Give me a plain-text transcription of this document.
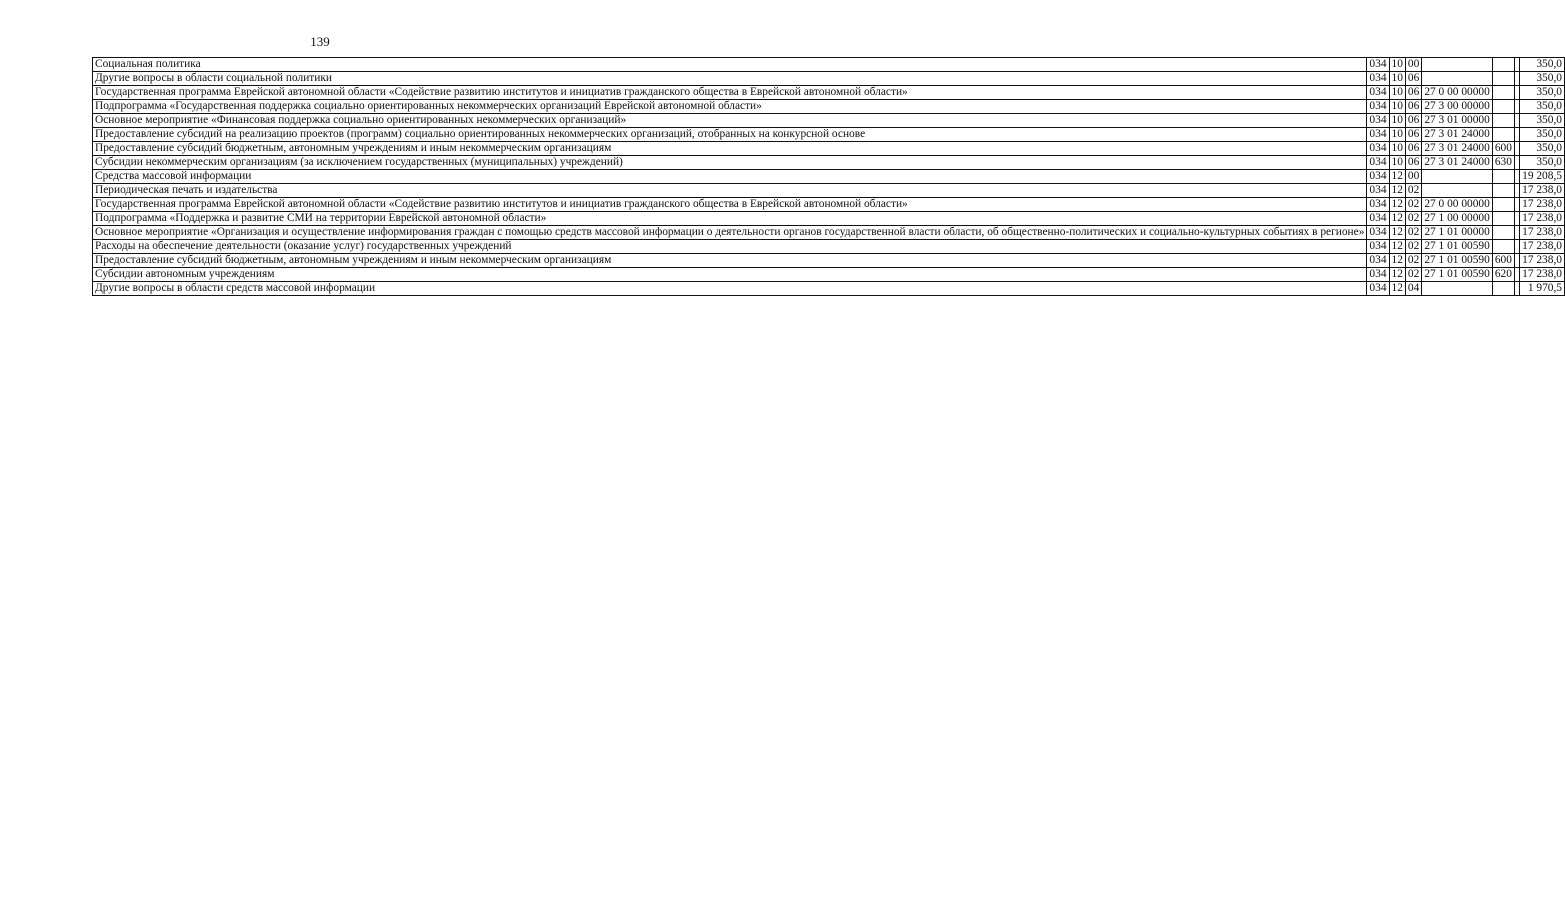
139
Социальная политика	034	10	00				350,0
Другие вопросы в области социальной политики	034	10	06				350,0
Государственная программа Еврейской автономной области «Содействие развитию институтов и инициатив гражданского общества в Еврейской автономной области»	034	10	06	27 0 00 00000			350,0
Подпрограмма «Государственная поддержка социально ориентированных некоммерческих организаций Еврейской автономной области»	034	10	06	27 3 00 00000			350,0
Основное мероприятие «Финансовая поддержка социально ориентированных некоммерческих организаций»	034	10	06	27 3 01 00000			350,0
Предоставление субсидий на реализацию проектов (программ) социально ориентированных некоммерческих организаций, отобранных на конкурсной основе	034	10	06	27 3 01 24000			350,0
Предоставление субсидий бюджетным, автономным учреждениям и иным некоммерческим организациям	034	10	06	27 3 01 24000	600		350,0
Субсидии некоммерческим организациям (за исключением государственных (муниципальных) учреждений)	034	10	06	27 3 01 24000	630		350,0
Средства массовой информации	034	12	00				19 208,5
Периодическая печать и издательства	034	12	02				17 238,0
Государственная программа Еврейской автономной области «Содействие развитию институтов и инициатив гражданского общества в Еврейской автономной области»	034	12	02	27 0 00 00000			17 238,0
Подпрограмма «Поддержка и развитие СМИ на территории Еврейской автономной области»	034	12	02	27 1 00 00000			17 238,0
Основное мероприятие «Организация и осуществление информирования граждан с помощью средств массовой информации о деятельности органов государственной власти области, об общественно-политических и социально-культурных событиях в регионе»	034	12	02	27 1 01 00000			17 238,0
Расходы на обеспечение деятельности (оказание услуг) государственных учреждений	034	12	02	27 1 01 00590			17 238,0
Предоставление субсидий бюджетным, автономным учреждениям и иным некоммерческим организациям	034	12	02	27 1 01 00590	600		17 238,0
Субсидии автономным учреждениям	034	12	02	27 1 01 00590	620		17 238,0
Другие вопросы в области средств массовой информации	034	12	04				1 970,5
